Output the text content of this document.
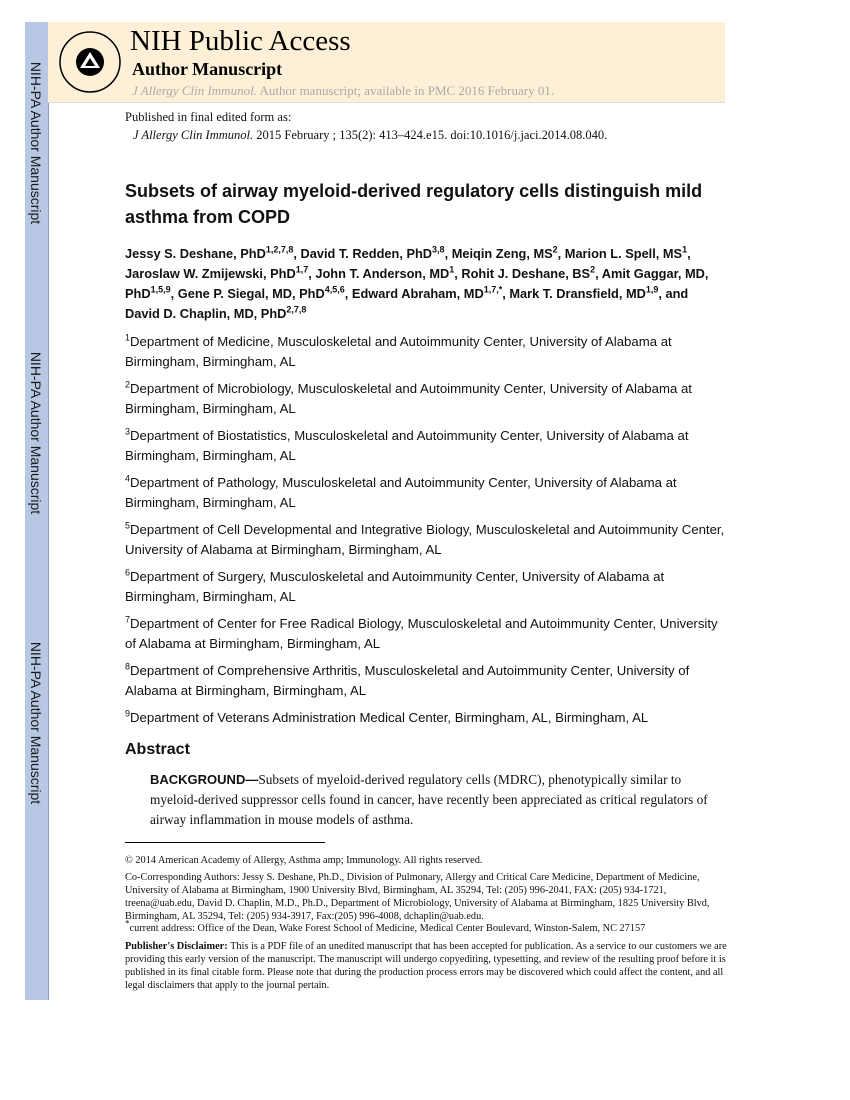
NIH-PA Author Manuscript
NIH-PA Author Manuscript
NIH-PA Author Manuscript
NIH Public Access
Author Manuscript
J Allergy Clin Immunol. Author manuscript; available in PMC 2016 February 01.
Published in final edited form as:
J Allergy Clin Immunol. 2015 February ; 135(2): 413–424.e15. doi:10.1016/j.jaci.2014.08.040.
Subsets of airway myeloid-derived regulatory cells distinguish mild asthma from COPD
Jessy S. Deshane, PhD$^{1,2,7,8}$, David T. Redden, PhD$^{3,8}$, Meiqin Zeng, $MS^2$, Marion L. Spell, $MS^1$, Jaroslaw W. Zmijewski, PhD$^{1,7}$, John T. Anderson, $MD^1$, Rohit J. Deshane, $BS^2$, Amit Gaggar, MD, PhD$^{1,5,9}$, Gene P. Siegal, MD, PhD$^{4,5,6}$, Edward Abraham, $MD^{1,7,*}$, Mark T. Dransfield, MD$^{1,9}$, and David D. Chaplin, MD, PhD$^{2,7,8}$
$^1$Department of Medicine, Musculoskeletal and Autoimmunity Center, University of Alabama at Birmingham, Birmingham, AL
$^2$Department of Microbiology, Musculoskeletal and Autoimmunity Center, University of Alabama at Birmingham, Birmingham, AL
$^3$Department of Biostatistics, Musculoskeletal and Autoimmunity Center, University of Alabama at Birmingham, Birmingham, AL
$^4$Department of Pathology, Musculoskeletal and Autoimmunity Center, University of Alabama at Birmingham, Birmingham, AL
$^5$Department of Cell Developmental and Integrative Biology, Musculoskeletal and Autoimmunity Center, University of Alabama at Birmingham, Birmingham, AL
$^6$Department of Surgery, Musculoskeletal and Autoimmunity Center, University of Alabama at Birmingham, Birmingham, AL
$^7$Department of Center for Free Radical Biology, Musculoskeletal and Autoimmunity Center, University of Alabama at Birmingham, Birmingham, AL
$^8$Department of Comprehensive Arthritis, Musculoskeletal and Autoimmunity Center, University of Alabama at Birmingham, Birmingham, AL
$^9$Department of Veterans Administration Medical Center, Birmingham, AL, Birmingham, AL
Abstract
BACKGROUND—Subsets of myeloid-derived regulatory cells (MDRC), phenotypically similar to myeloid-derived suppressor cells found in cancer, have recently been appreciated as critical regulators of airway inflammation in mouse models of asthma.

© 2014 American Academy of Allergy, Asthma amp; Immunology. All rights reserved.

Co-Corresponding Authors: Jessy S. Deshane, Ph.D., Division of Pulmonary, Allergy and Critical Care Medicine, Department of Medicine, University of Alabama at Birmingham, 1900 University Blvd, Birmingham, AL 35294, Tel: (205) 996-2041, FAX: (205) 934-1721, treena@uab.edu, David D. Chaplin, M.D., Ph.D., Department of Microbiology, University of Alabama at Birmingham, 1825 University Blvd, Birmingham, AL 35294, Tel: (205) 934-3917, Fax:(205) 996-4008, dchaplin@uab.edu.

*current address: Office of the Dean, Wake Forest School of Medicine, Medical Center Boulevard, Winston-Salem, NC 27157

Publisher's Disclaimer: This is a PDF file of an unedited manuscript that has been accepted for publication. As a service to our customers we are providing this early version of the manuscript. The manuscript will undergo copyediting, typesetting, and review of the resulting proof before it is published in its final citable form. Please note that during the production process errors may be discovered which could affect the content, and all legal disclaimers that apply to the journal pertain.
